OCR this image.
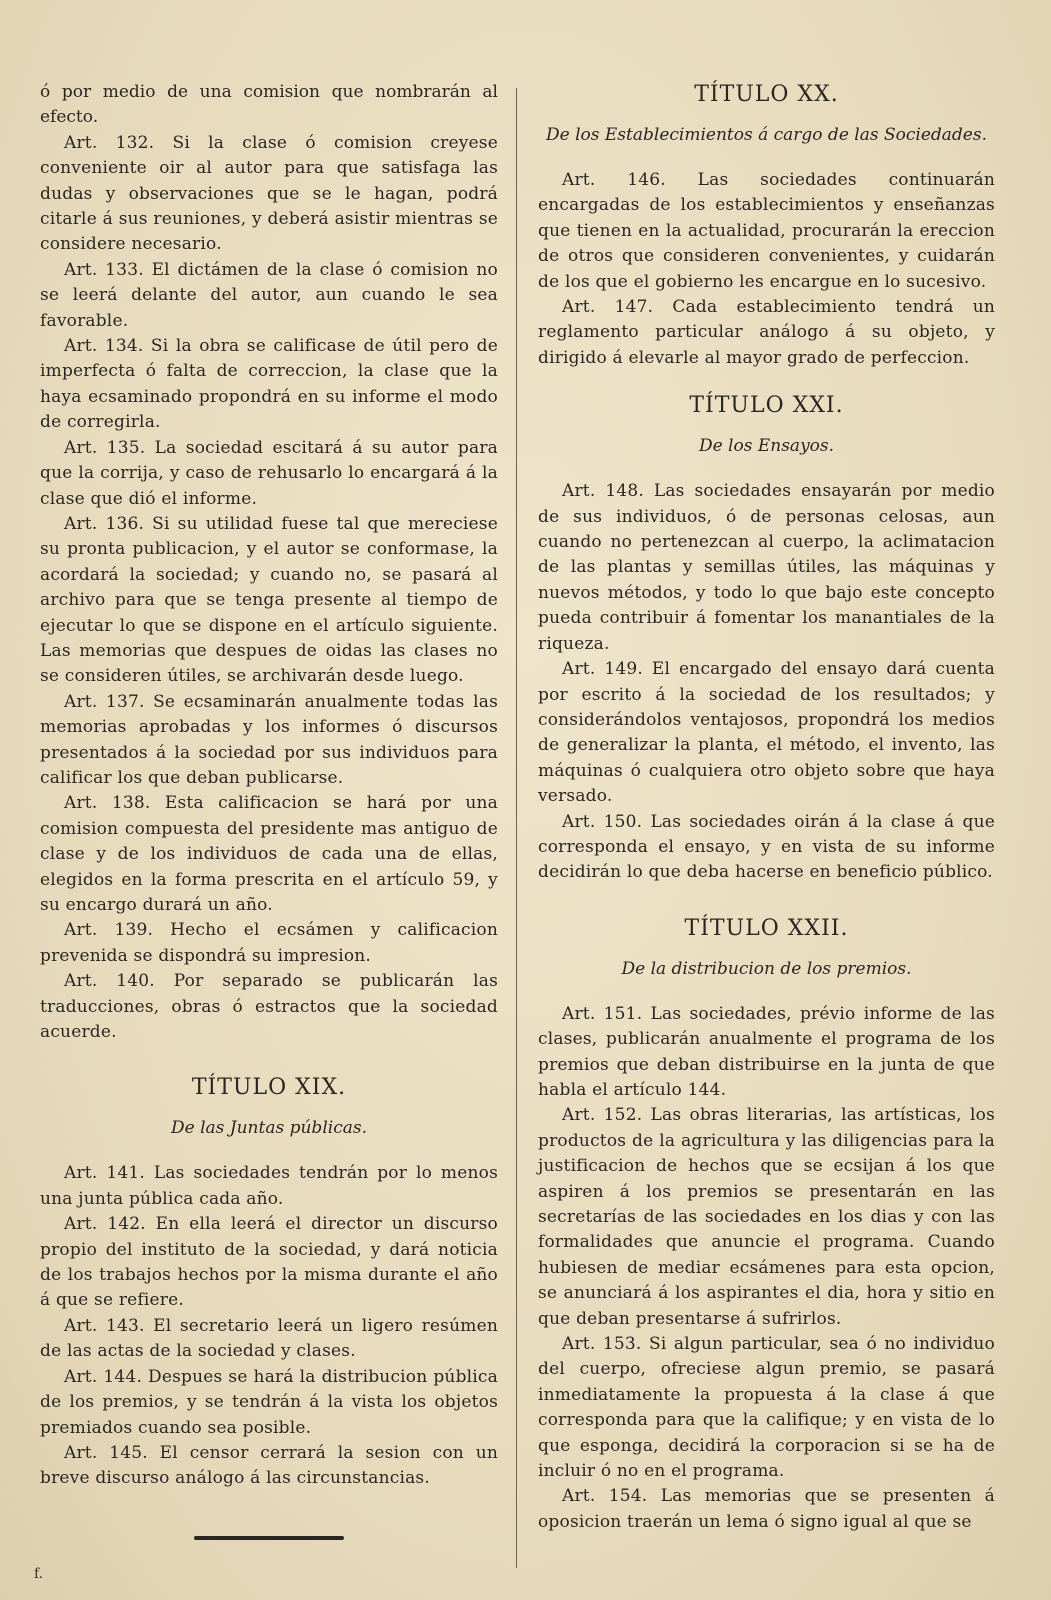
ó por medio de una comision que nombrarán al efecto.

Art. 132. Si la clase ó comision creyese conveniente oir al autor para que satisfaga las dudas y observaciones que se le hagan, podrá citarle á sus reuniones, y deberá asistir mientras se considere necesario.

Art. 133. El dictámen de la clase ó comision no se leerá delante del autor, aun cuando le sea favorable.

Art. 134. Si la obra se calificase de útil pero de imperfecta ó falta de correccion, la clase que la haya ecsaminado propondrá en su informe el modo de corregirla.

Art. 135. La sociedad escitará á su autor para que la corrija, y caso de rehusarlo lo encargará á la clase que dió el informe.

Art. 136. Si su utilidad fuese tal que mereciese su pronta publicacion, y el autor se conformase, la acordará la sociedad; y cuando no, se pasará al archivo para que se tenga presente al tiempo de ejecutar lo que se dispone en el artículo siguiente. Las memorias que despues de oidas las clases no se consideren útiles, se archivarán desde luego.

Art. 137. Se ecsaminarán anualmente todas las memorias aprobadas y los informes ó discursos presentados á la sociedad por sus individuos para calificar los que deban publicarse.

Art. 138. Esta calificacion se hará por una comision compuesta del presidente mas antiguo de clase y de los individuos de cada una de ellas, elegidos en la forma prescrita en el artículo 59, y su encargo durará un año.

Art. 139. Hecho el ecsámen y calificacion prevenida se dispondrá su impresion.

Art. 140. Por separado se publicarán las traducciones, obras ó estractos que la sociedad acuerde.

TÍTULO XIX.
De las Juntas públicas.

Art. 141. Las sociedades tendrán por lo menos una junta pública cada año.

Art. 142. En ella leerá el director un discurso propio del instituto de la sociedad, y dará noticia de los trabajos hechos por la misma durante el año á que se refiere.

Art. 143. El secretario leerá un ligero resúmen de las actas de la sociedad y clases.

Art. 144. Despues se hará la distribucion pública de los premios, y se tendrán á la vista los objetos premiados cuando sea posible.

Art. 145. El censor cerrará la sesion con un breve discurso análogo á las circunstancias.

TÍTULO XX.
De los Establecimientos á cargo de las Sociedades.

Art. 146. Las sociedades continuarán encargadas de los establecimientos y enseñanzas que tienen en la actualidad, procurarán la ereccion de otros que consideren convenientes, y cuidarán de los que el gobierno les encargue en lo sucesivo.

Art. 147. Cada establecimiento tendrá un reglamento particular análogo á su objeto, y dirigido á elevarle al mayor grado de perfeccion.

TÍTULO XXI.
De los Ensayos.

Art. 148. Las sociedades ensayarán por medio de sus individuos, ó de personas celosas, aun cuando no pertenezcan al cuerpo, la aclimatacion de las plantas y semillas útiles, las máquinas y nuevos métodos, y todo lo que bajo este concepto pueda contribuir á fomentar los manantiales de la riqueza.

Art. 149. El encargado del ensayo dará cuenta por escrito á la sociedad de los resultados; y considerándolos ventajosos, propondrá los medios de generalizar la planta, el método, el invento, las máquinas ó cualquiera otro objeto sobre que haya versado.

Art. 150. Las sociedades oirán á la clase á que corresponda el ensayo, y en vista de su informe decidirán lo que deba hacerse en beneficio público.

TÍTULO XXII.
De la distribucion de los premios.

Art. 151. Las sociedades, prévio informe de las clases, publicarán anualmente el programa de los premios que deban distribuirse en la junta de que habla el artículo 144.

Art. 152. Las obras literarias, las artísticas, los productos de la agricultura y las diligencias para la justificacion de hechos que se ecsijan á los que aspiren á los premios se presentarán en las secretarías de las sociedades en los dias y con las formalidades que anuncie el programa. Cuando hubiesen de mediar ecsámenes para esta opcion, se anunciará á los aspirantes el dia, hora y sitio en que deban presentarse á sufrirlos.

Art. 153. Si algun particular, sea ó no individuo del cuerpo, ofreciese algun premio, se pasará inmediatamente la propuesta á la clase á que corresponda para que la califique; y en vista de lo que esponga, decidirá la corporacion si se ha de incluir ó no en el programa.

Art. 154. Las memorias que se presenten á oposicion traerán un lema ó signo igual al que se

f.
